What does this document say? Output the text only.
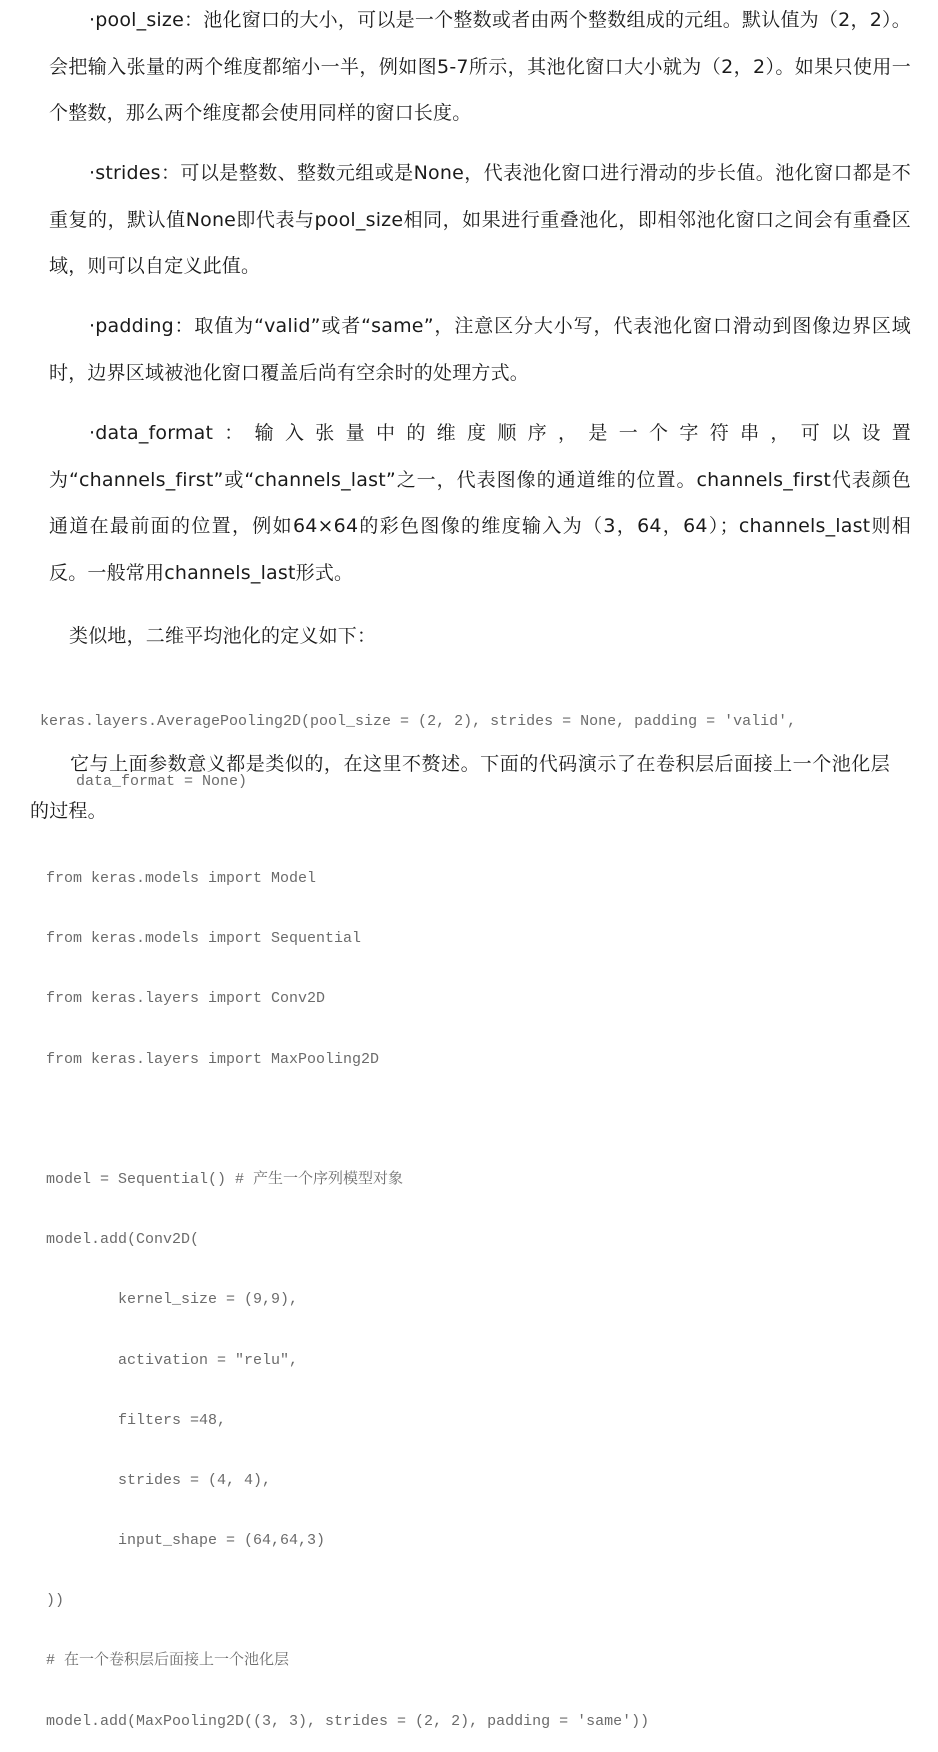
·pool_size：池化窗口的大小，可以是一个整数或者由两个整数组成的元组。默认值为（2，2）。会把输入张量的两个维度都缩小一半，例如图5-7所示，其池化窗口大小就为（2，2）。如果只使用一个整数，那么两个维度都会使用同样的窗口长度。

·strides：可以是整数、整数元组或是None，代表池化窗口进行滑动的步长值。池化窗口都是不重复的，默认值None即代表与pool_size相同，如果进行重叠池化，即相邻池化窗口之间会有重叠区域，则可以自定义此值。

·padding：取值为“valid”或者“same”，注意区分大小写，代表池化窗口滑动到图像边界区域时，边界区域被池化窗口覆盖后尚有空余时的处理方式。

·data_format：输入张量中的维度顺序，是一个字符串，可以设置为“channels_first”或“channels_last”之一，代表图像的通道维的位置。channels_first代表颜色通道在最前面的位置，例如64×64的彩色图像的维度输入为（3，64，64）；channels_last则相反。一般常用channels_last形式。

类似地，二维平均池化的定义如下：

keras.layers.AveragePooling2D(pool_size = (2, 2), strides = None, padding = 'valid',

data_format = None)

它与上面参数意义都是类似的，在这里不赘述。下面的代码演示了在卷积层后面接上一个池化层的过程。

from keras.models import Model

from keras.models import Sequential

from keras.layers import Conv2D

from keras.layers import MaxPooling2D

model = Sequential() # 产生一个序列模型对象

model.add(Conv2D(

kernel_size = (9,9),

activation = "relu",

filters =48,

strides = (4, 4),

input_shape = (64,64,3)

))

# 在一个卷积层后面接上一个池化层

model.add(MaxPooling2D((3, 3), strides = (2, 2), padding = 'same'))
